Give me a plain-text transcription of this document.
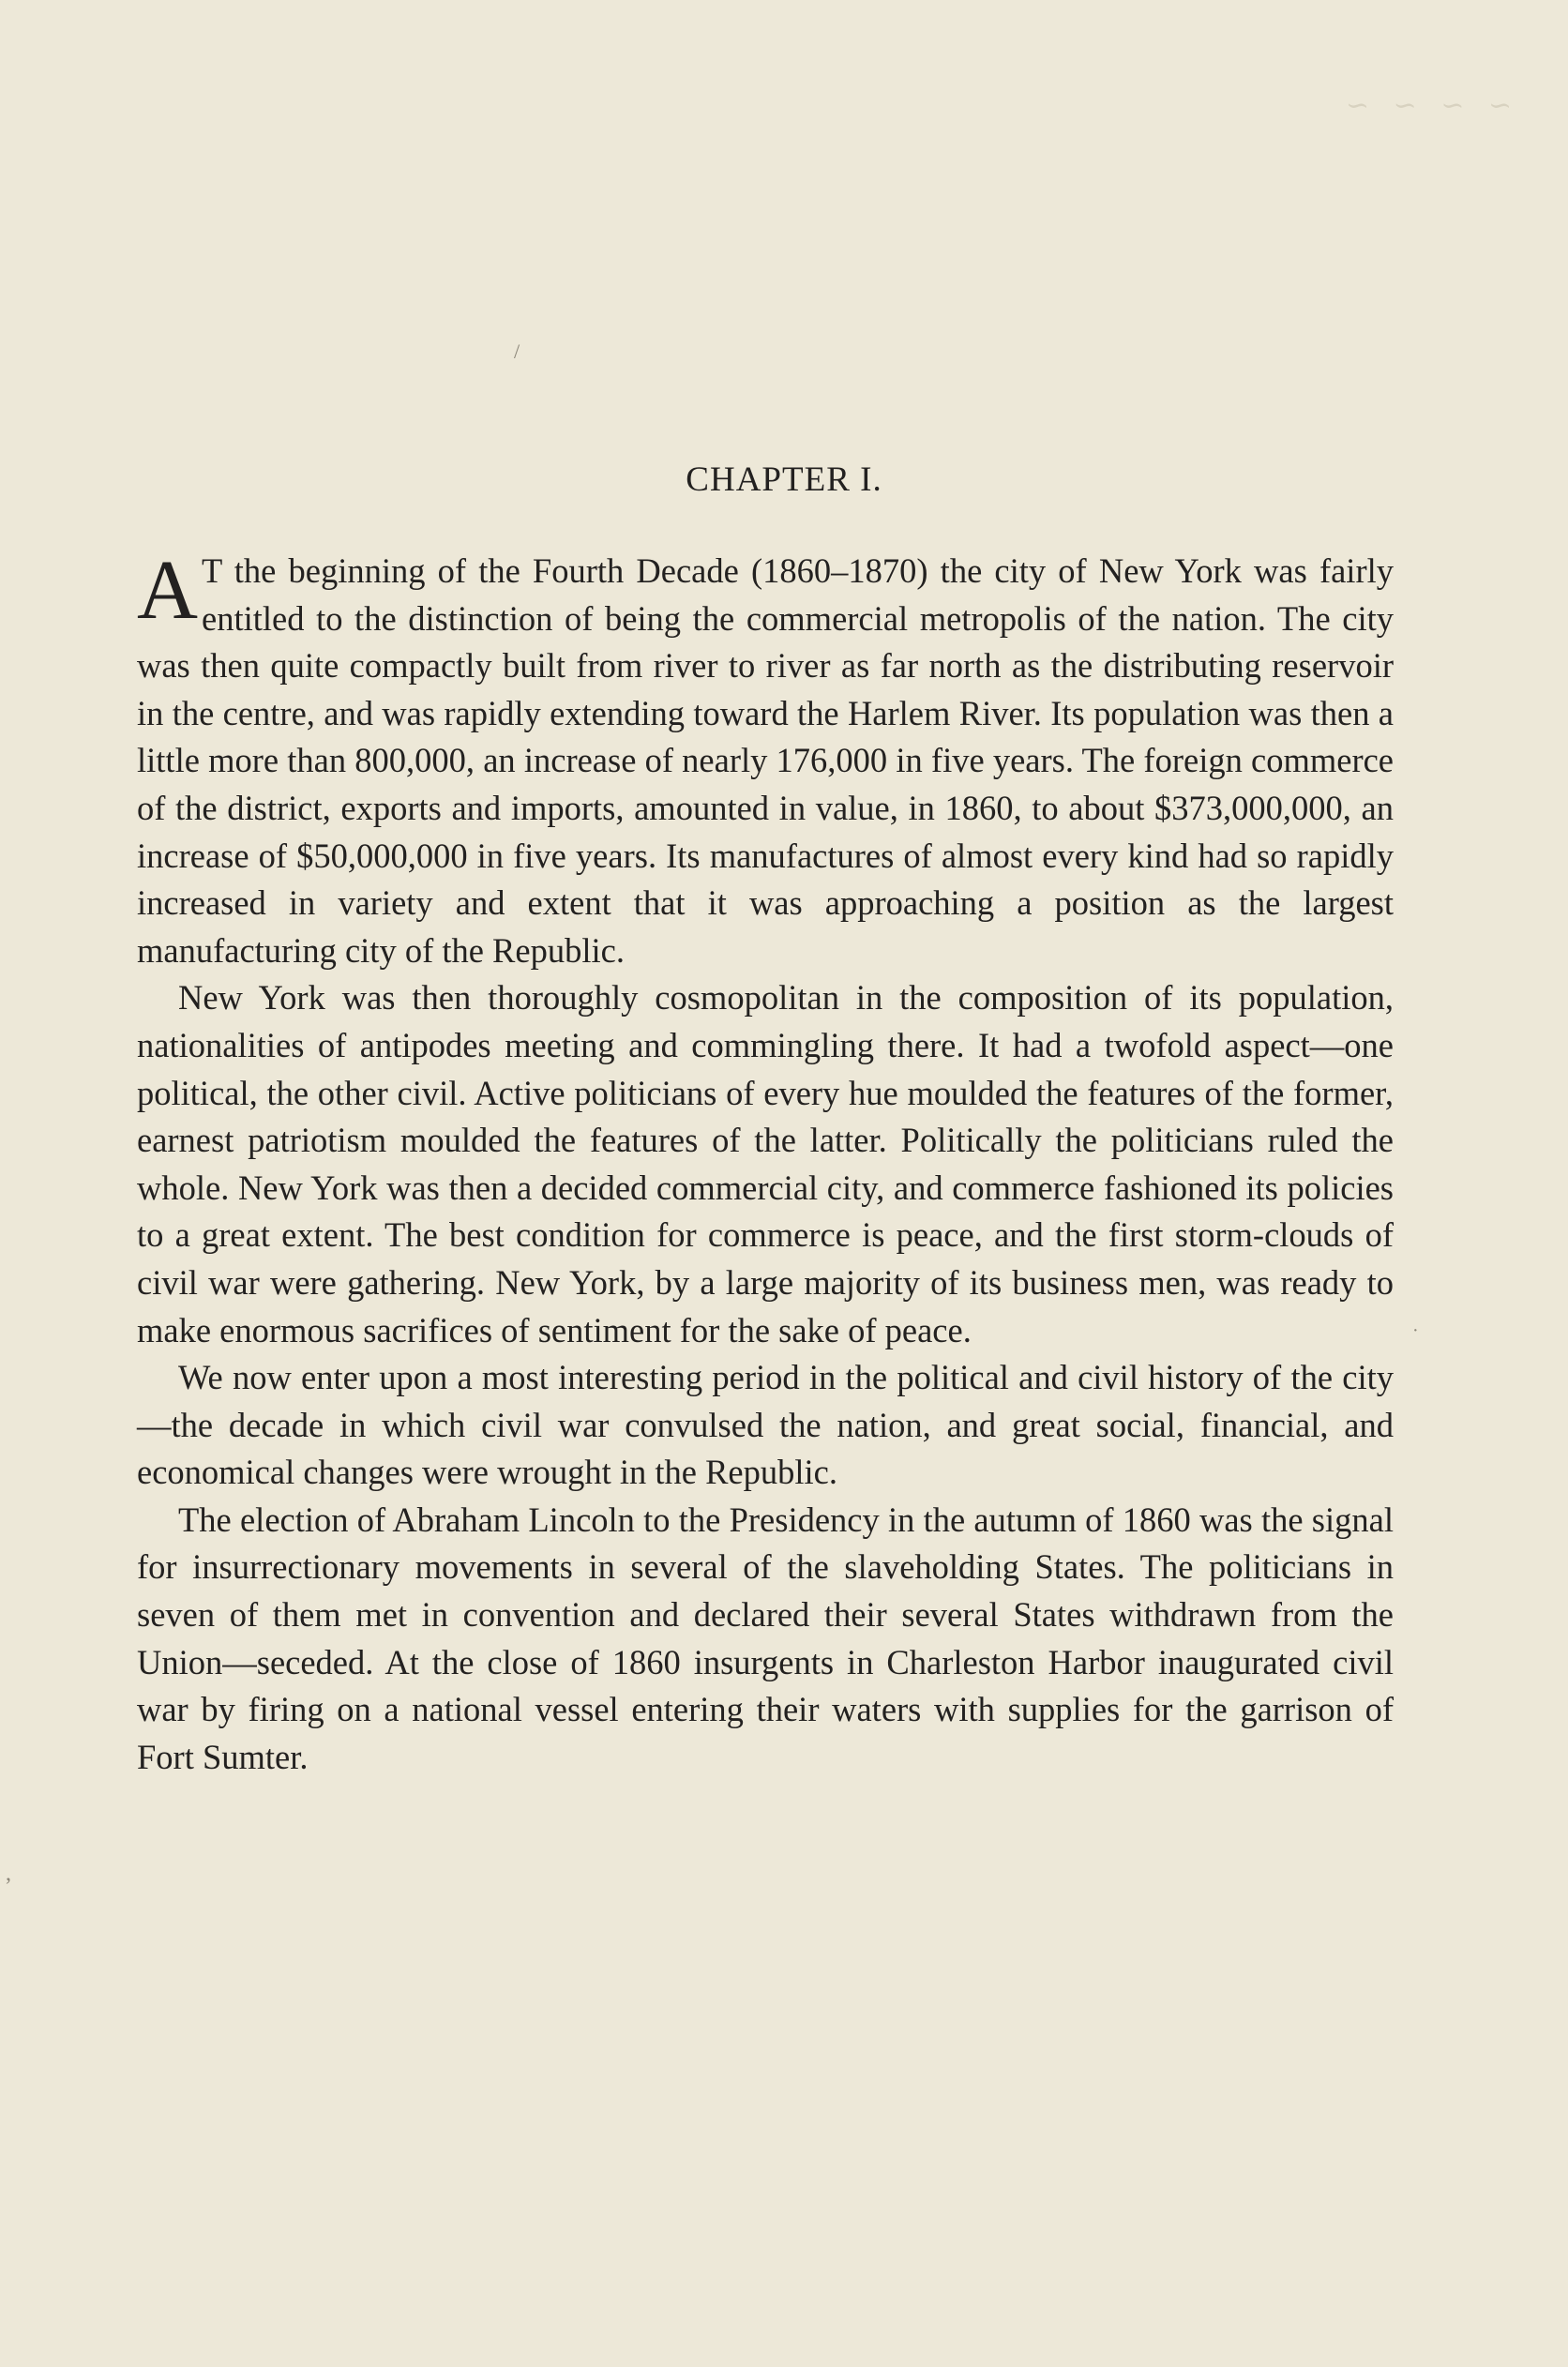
~ ~ ~ ~
/
,
·
CHAPTER I.

A T the beginning of the Fourth Decade (1860–1870) the city of New York was fairly entitled to the distinction of being the commercial metropolis of the nation. The city was then quite compactly built from river to river as far north as the distributing reservoir in the centre, and was rapidly extending toward the Harlem River. Its population was then a little more than 800,000, an increase of nearly 176,000 in five years. The foreign commerce of the district, exports and imports, amounted in value, in 1860, to about $373,000,000, an increase of $50,000,000 in five years. Its manufactures of almost every kind had so rapidly increased in variety and extent that it was approaching a position as the largest manufacturing city of the Republic.

New York was then thoroughly cosmopolitan in the composition of its population, nationalities of antipodes meeting and commingling there. It had a twofold aspect—one political, the other civil. Active politicians of every hue moulded the features of the former, earnest patriotism moulded the features of the latter. Politically the politicians ruled the whole. New York was then a decided commercial city, and commerce fashioned its policies to a great extent. The best condition for commerce is peace, and the first storm-clouds of civil war were gathering. New York, by a large majority of its business men, was ready to make enormous sacrifices of sentiment for the sake of peace.

We now enter upon a most interesting period in the political and civil history of the city—the decade in which civil war convulsed the nation, and great social, financial, and economical changes were wrought in the Republic.

The election of Abraham Lincoln to the Presidency in the autumn of 1860 was the signal for insurrectionary movements in several of the slaveholding States. The politicians in seven of them met in convention and declared their several States withdrawn from the Union—seceded. At the close of 1860 insurgents in Charleston Harbor inaugurated civil war by firing on a national vessel entering their waters with supplies for the garrison of Fort Sumter.
